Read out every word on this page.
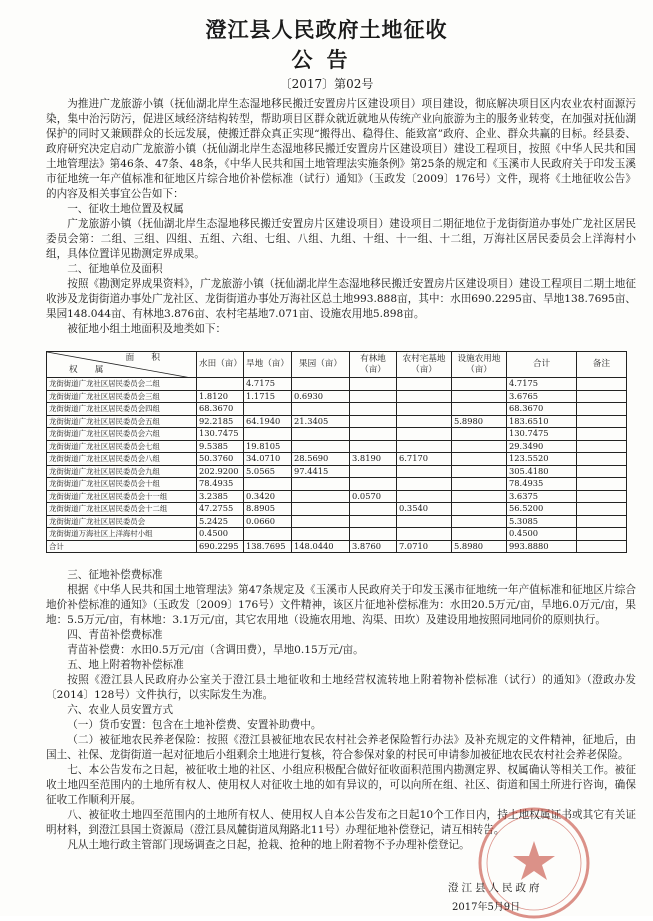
澄江县人民政府土地征收
公告
〔2017〕第02号

为推进广龙旅游小镇（抚仙湖北岸生态湿地移民搬迁安置房片区建设项目）项目建设，彻底解决项目区内农业农村面源污染，集中治污防污，促进区域经济结构转型，帮助项目区群众就近就地从传统产业向旅游为主的服务业转变，在加强对抚仙湖保护的同时又兼顾群众的长远发展，使搬迁群众真正实现“搬得出、稳得住、能致富”政府、企业、群众共赢的目标。经县委、政府研究决定启动广龙旅游小镇（抚仙湖北岸生态湿地移民搬迁安置房片区建设项目）建设工程项目，按照《中华人民共和国土地管理法》第46条、47条、48条，《中华人民共和国土地管理法实施条例》第25条的规定和《玉溪市人民政府关于印发玉溪市征地统一年产值标准和征地区片综合地价补偿标准（试行）通知》（玉政发〔2009〕176号）文件，现将《土地征收公告》的内容及相关事宜公告如下：

一、征收土地位置及权属

广龙旅游小镇（抚仙湖北岸生态湿地移民搬迁安置房片区建设项目）建设项目二期征地位于龙街街道办事处广龙社区居民委员会第：二组、三组、四组、五组、六组、七组、八组、九组、十组、十一组、十二组，万海社区居民委员会上洋海村小组，具体位置详见勘测定界成果。

二、征地单位及面积

按照《勘测定界成果资料》，广龙旅游小镇（抚仙湖北岸生态湿地移民搬迁安置房片区建设项目）建设工程项目二期土地征收涉及龙街街道办事处广龙社区、龙街街道办事处万海社区总土地993.888亩，其中：水田690.2295亩、旱地138.7695亩、果园148.044亩、有林地3.876亩、农村宅基地7.071亩、设施农用地5.898亩。

被征地小组土地面积及地类如下：

面　　积
权　　属	水田（亩）	旱地（亩）	果园（亩）	有林地（亩）	农村宅基地（亩）	设施农用地（亩）	合计	备注
龙街街道广龙社区居民委员会二组		4.7175					4.7175	
龙街街道广龙社区居民委员会三组	1.8120	1.1715	0.6930				3.6765	
龙街街道广龙社区居民委员会四组	68.3670						68.3670	
龙街街道广龙社区居民委员会五组	92.2185	64.1940	21.3405			5.8980	183.6510	
龙街街道广龙社区居民委员会六组	130.7475						130.7475	
龙街街道广龙社区居民委员会七组	9.5385	19.8105					29.3490	
龙街街道广龙社区居民委员会八组	50.3760	34.0710	28.5690	3.8190	6.7170		123.5520	
龙街街道广龙社区居民委员会九组	202.9200	5.0565	97.4415				305.4180	
龙街街道广龙社区居民委员会十组	78.4935						78.4935	
龙街街道广龙社区居民委员会十一组	3.2385	0.3420		0.0570			3.6375	
龙街街道广龙社区居民委员会十二组	47.2755	8.8905			0.3540		56.5200	
龙街街道广龙社区居民委员会	5.2425	0.0660					5.3085	
龙街街道万海社区上洋海村小组	0.4500						0.4500	
合计	690.2295	138.7695	148.0440	3.8760	7.0710	5.8980	993.8880	

三、征地补偿费标准

根据《中华人民共和国土地管理法》第47条规定及《玉溪市人民政府关于印发玉溪市征地统一年产值标准和征地区片综合地价补偿标准的通知》（玉政发〔2009〕176号）文件精神，该区片征地补偿标准为：水田20.5万元/亩，旱地6.0万元/亩，果地：5.5万元/亩，有林地：3.1万元/亩，其它农用地（设施农用地、沟渠、田坎）及建设用地按照同地同价的原则执行。

四、青苗补偿费标准

青苗补偿费：水田0.5万元/亩（含调田费），旱地0.15万元/亩。

五、地上附着物补偿标准

按照《澄江县人民政府办公室关于澄江县土地征收和土地经营权流转地上附着物补偿标准（试行）的通知》（澄政办发〔2014〕128号）文件执行，以实际发生为准。

六、农业人员安置方式

（一）货币安置：包含在土地补偿费、安置补助费中。

（二）被征地农民养老保险：按照《澄江县被征地农民农村社会养老保险暂行办法》及补充规定的文件精神，征地后，由国土、社保、龙街街道一起对征地后小组剩余土地进行复核，符合参保对象的村民可申请参加被征地农民农村社会养老保险。

七、本公告发布之日起，被征收土地的社区、小组应积极配合做好征收面积范围内勘测定界、权属确认等相关工作。被征收土地四至范围内的土地所有权人、使用权人对征收土地的如有异议的，可以向所在组、社区、街道和国土所进行咨询，确保征收工作顺利开展。

八、被征收土地四至范围内的土地所有权人、使用权人自本公告发布之日起10个工作日内，持土地权属证书或其它有关证明材料，到澄江县国土资源局（澄江县凤麓街道凤翔路北11号）办理征地补偿登记，请互相转告。

凡从土地行政主管部门现场调查之日起，抢栽、抢种的地上附着物不予办理补偿登记。

澄江县人民政府
2017年5月9日
